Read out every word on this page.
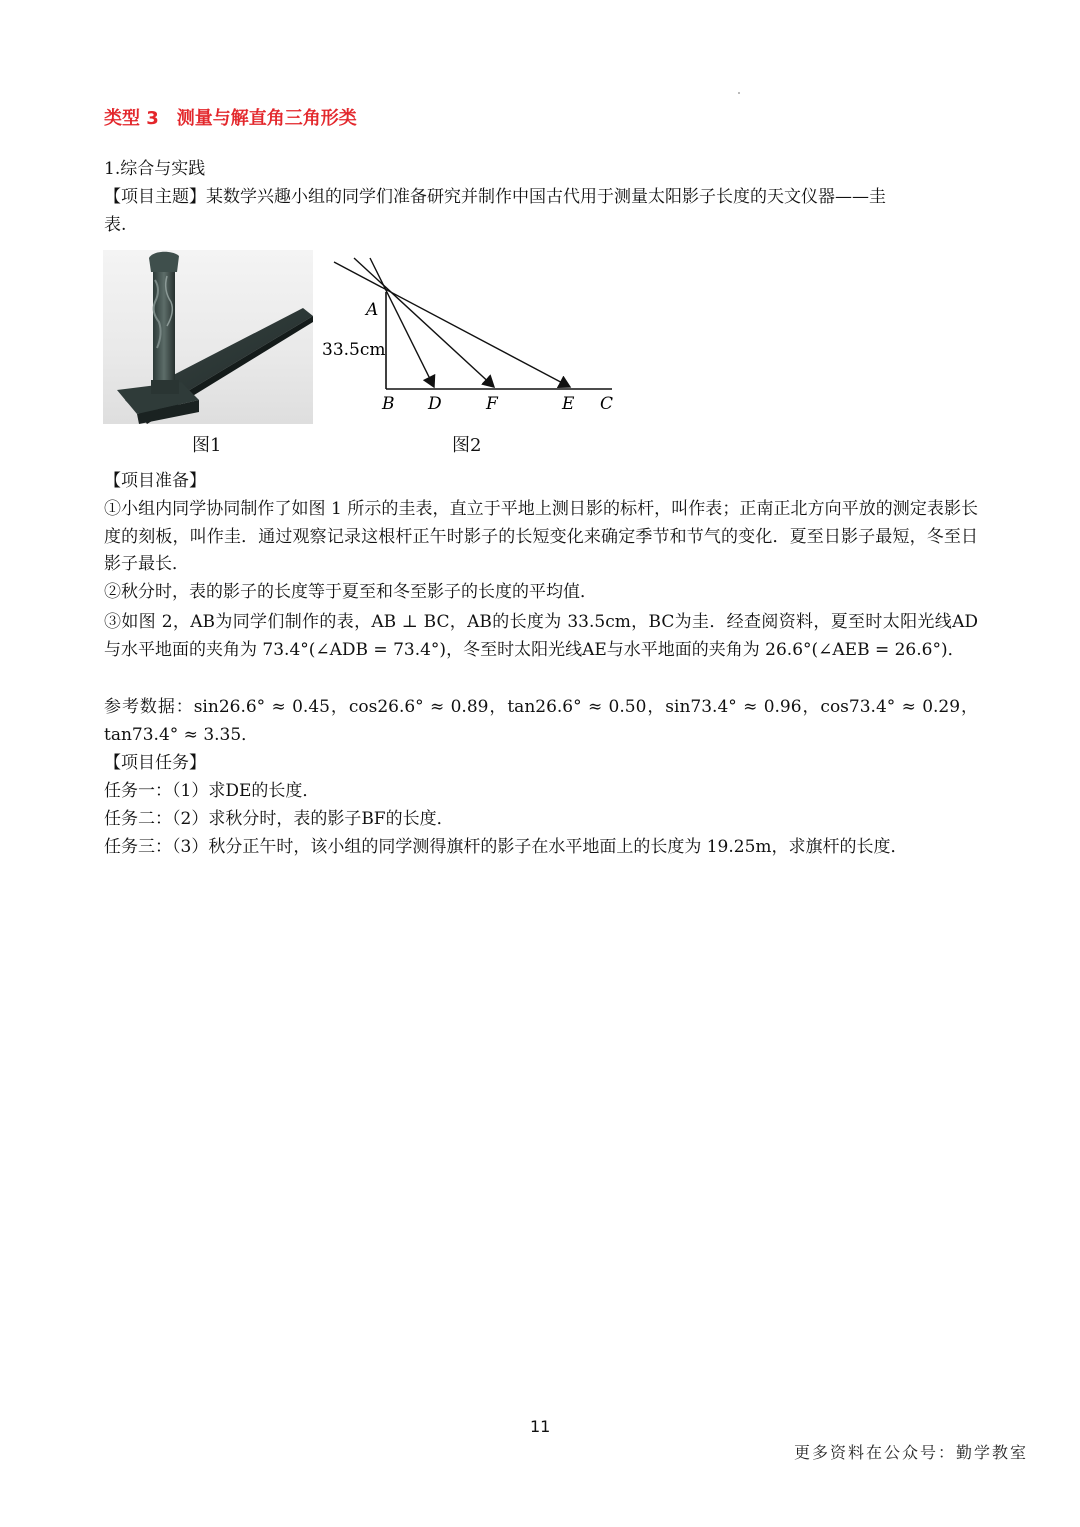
类型 3　测量与解直角三角形类
1.综合与实践
【项目主题】某数学兴趣小组的同学们准备研究并制作中国古代用于测量太阳影子长度的天文仪器——圭
表.
图1
A
33.5cm
B D	F	E C
图2
【项目准备】
①小组内同学协同制作了如图 1 所示的圭表，直立于平地上测日影的标杆，叫作表；正南正北方向平放的测定表影长度的刻板，叫作圭．通过观察记录这根杆正午时影子的长短变化来确定季节和节气的变化．夏至日影子最短，冬至日影子最长．
②秋分时，表的影子的长度等于夏至和冬至影子的长度的平均值．
③如图 2，AB为同学们制作的表，AB ⊥ BC，AB的长度为 33.5cm，BC为圭．经查阅资料，夏至时太阳光线AD与水平地面的夹角为 73.4°(∠ADB = 73.4°)，冬至时太阳光线AE与水平地面的夹角为 26.6°(∠AEB = 26.6°)．
参考数据：sin26.6° ≈ 0.45，cos26.6° ≈ 0.89，tan26.6° ≈ 0.50，sin73.4° ≈ 0.96，cos73.4° ≈ 0.29，tan73.4° ≈ 3.35．
【项目任务】
任务一：（1）求DE的长度．
任务二：（2）求秋分时，表的影子BF的长度．
任务三：（3）秋分正午时，该小组的同学测得旗杆的影子在水平地面上的长度为 19.25m，求旗杆的长度．
11
更多资料在公众号：勤学教室
